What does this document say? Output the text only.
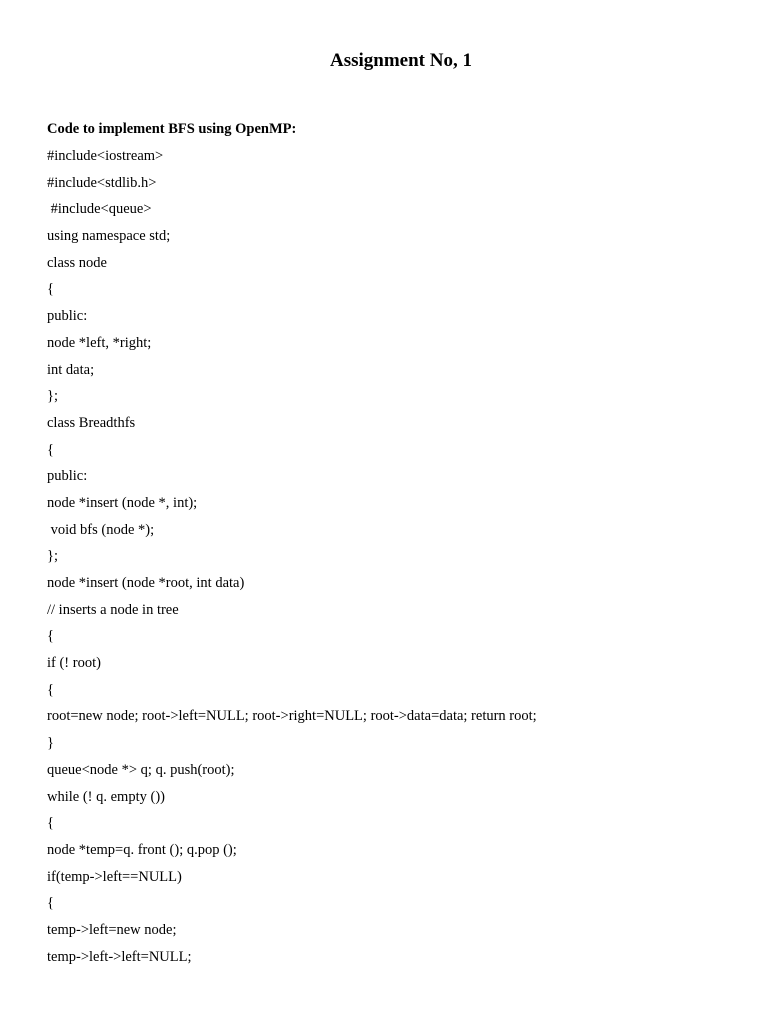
Assignment No, 1
Code to implement BFS using OpenMP:
#include<iostream>
#include<stdlib.h>
#include<queue>
using namespace std;
class node
{
public:
node *left, *right;
int data;
};
class Breadthfs
{
public:
node *insert (node *, int);
void bfs (node *);
};
node *insert (node *root, int data)
// inserts a node in tree
{
if (! root)
{
root=new node; root->left=NULL; root->right=NULL; root->data=data; return root;
}
queue<node *> q; q. push(root);
while (! q. empty ())
{
node *temp=q. front (); q.pop ();
if(temp->left==NULL)
{
temp->left=new node;
temp->left->left=NULL;
